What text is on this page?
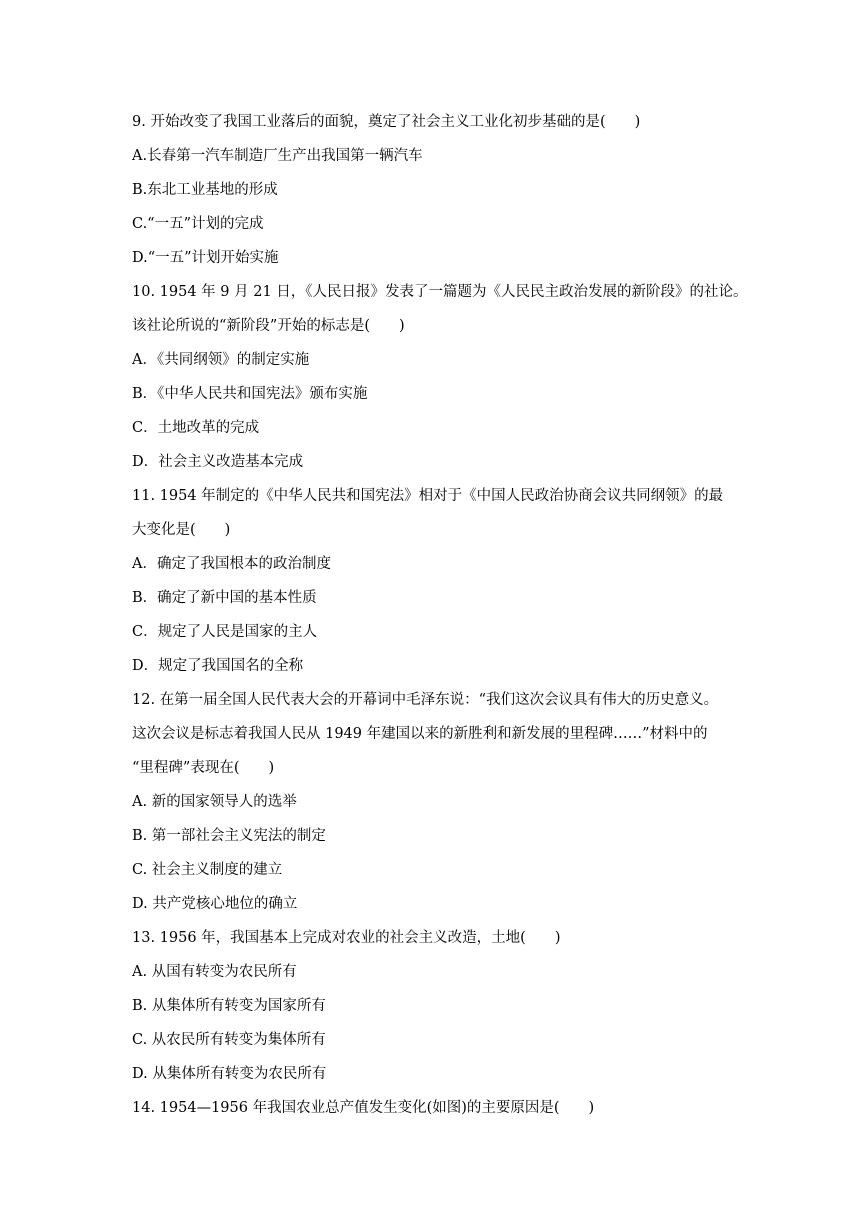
9. 开始改变了我国工业落后的面貌，奠定了社会主义工业化初步基础的是(　　)
A.长春第一汽车制造厂生产出我国第一辆汽车
B.东北工业基地的形成
C.“一五”计划的完成
D.“一五”计划开始实施
10. 1954 年 9 月 21 日，《人民日报》发表了一篇题为《人民民主政治发展的新阶段》的社论。
该社论所说的“新阶段”开始的标志是(　　)
A．《共同纲领》的制定实施
B．《中华人民共和国宪法》颁布实施
C．土地改革的完成
D．社会主义改造基本完成
11. 1954 年制定的《中华人民共和国宪法》相对于《中国人民政治协商会议共同纲领》的最
大变化是(　　)
A．确定了我国根本的政治制度
B．确定了新中国的基本性质
C．规定了人民是国家的主人
D．规定了我国国名的全称
12. 在第一届全国人民代表大会的开幕词中毛泽东说：“我们这次会议具有伟大的历史意义。
这次会议是标志着我国人民从 1949 年建国以来的新胜利和新发展的里程碑……”材料中的
“里程碑”表现在(　　)
A. 新的国家领导人的选举
B. 第一部社会主义宪法的制定
C. 社会主义制度的建立
D. 共产党核心地位的确立
13. 1956 年，我国基本上完成对农业的社会主义改造，土地(　　)
A. 从国有转变为农民所有
B. 从集体所有转变为国家所有
C. 从农民所有转变为集体所有
D. 从集体所有转变为农民所有
14. 1954—1956 年我国农业总产值发生变化(如图)的主要原因是(　　)
